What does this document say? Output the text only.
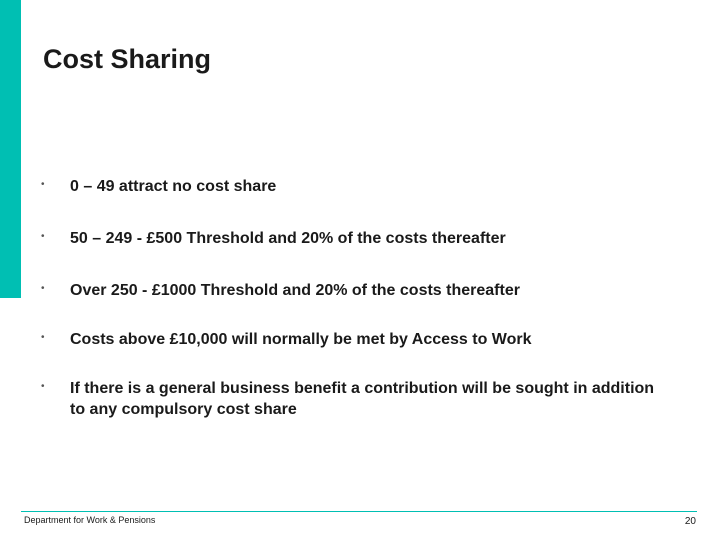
Cost Sharing
• 0 – 49 attract no cost share
• 50 – 249 - £500 Threshold and 20% of the costs thereafter
• Over 250 - £1000 Threshold and 20% of the costs thereafter
• Costs above £10,000 will normally be met by Access to Work
• If there is a general business benefit a contribution will be sought in addition to any compulsory cost share
Department for Work & Pensions	20
